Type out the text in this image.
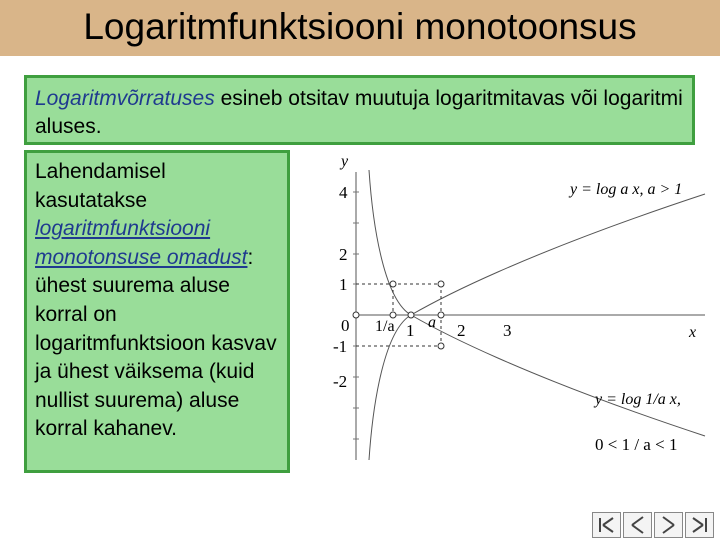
Logaritmfunktsiooni monotoonsus
Logaritmvõrratuses esineb otsitav muutuja logaritmitavas või logaritmi aluses.
Lahendamisel kasutatakse logaritmfunktsiooni monotonsuse omadust: ühest suurema aluse korral on logaritmfunktsioon kasvav ja ühest väiksema (kuid nullist suurema) aluse korral kahanev.
y
x
4
2
1
-1
-2
0 1/a 1 a 2 3
y = log a x, a > 1
y = log 1/a x,
0 < 1 / a < 1
